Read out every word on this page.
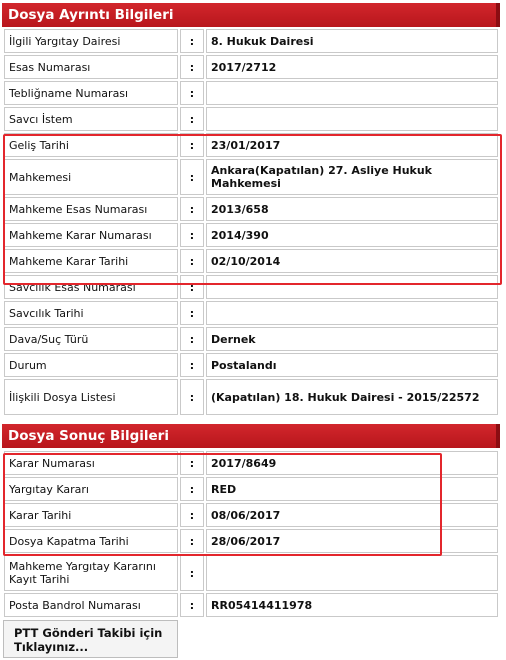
Dosya Ayrıntı Bilgileri
İlgili Yargıtay Dairesi	:	8. Hukuk Dairesi
Esas Numarası	:	2017/2712
Tebliğname Numarası	:	
Savcı İstem	:	
Geliş Tarihi	:	23/01/2017
Mahkemesi	:	Ankara(Kapatılan) 27. Asliye Hukuk Mahkemesi
Mahkeme Esas Numarası	:	2013/658
Mahkeme Karar Numarası	:	2014/390
Mahkeme Karar Tarihi	:	02/10/2014
Savcılık Esas Numarası	:	
Savcılık Tarihi	:	
Dava/Suç Türü	:	Dernek
Durum	:	Postalandı
İlişkili Dosya Listesi	:	(Kapatılan) 18. Hukuk Dairesi - 2015/22572
Dosya Sonuç Bilgileri
Karar Numarası	:	2017/8649
Yargıtay Kararı	:	RED
Karar Tarihi	:	08/06/2017
Dosya Kapatma Tarihi	:	28/06/2017
Mahkeme Yargıtay Kararını Kayıt Tarihi	:	
Posta Bandrol Numarası	:	RR05414411978
PTT Gönderi Takibi için Tıklayınız...
